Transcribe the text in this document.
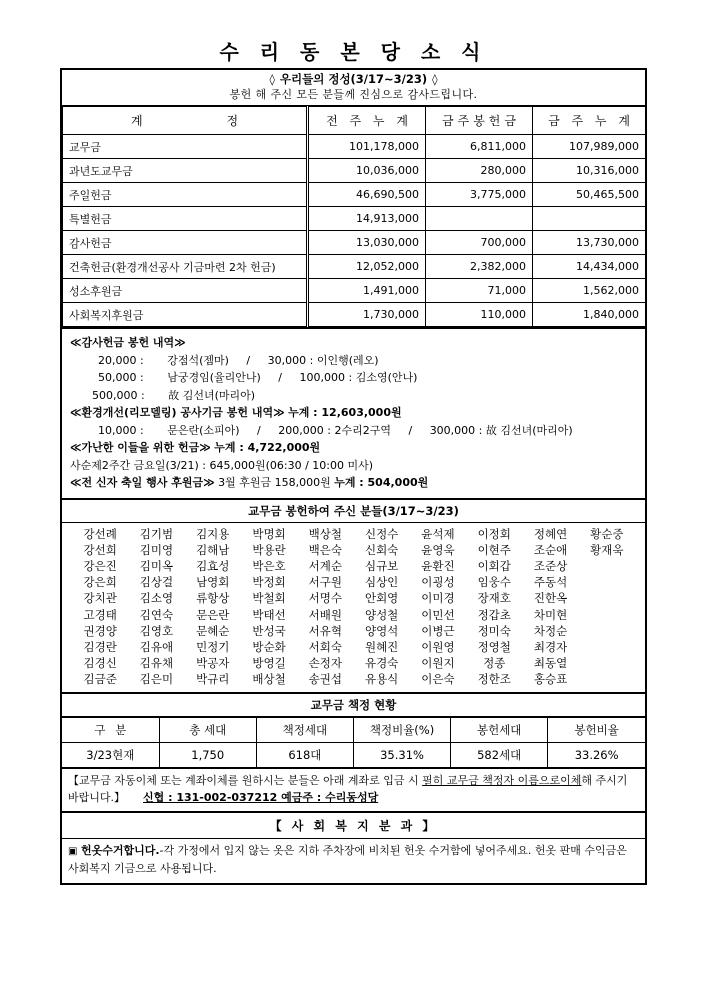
수 리 동 본 당 소 식
◊ 우리들의 정성(3/17~3/23) ◊
봉헌 해 주신 모든 분들께 진심으로 감사드립니다.
계 정	전 주 누 계	금주봉헌금	금 주 누 계
교무금	101,178,000	6,811,000	107,989,000
과년도교무금	10,036,000	280,000	10,316,000
주일헌금	46,690,500	3,775,000	50,465,500
특별헌금	14,913,000		
감사헌금	13,030,000	700,000	13,730,000
건축헌금(환경개선공사 기금마련 2차 헌금)	12,052,000	2,382,000	14,434,000
성소후원금	1,491,000	71,000	1,562,000
사회복지후원금	1,730,000	110,000	1,840,000
≪감사헌금 봉헌 내역≫
20,000 : 강점석(젬마) / 30,000 : 이인행(레오)
50,000 : 남궁경임(율리안나) / 100,000 : 김소영(안나)
500,000 : 故 김선녀(마리아)
≪환경개선(리모델링) 공사기금 봉헌 내역≫ 누계 : 12,603,000원
10,000 : 문은란(소피아) / 200,000 : 2수리2구역 / 300,000 : 故 김선녀(마리아)
≪가난한 이들을 위한 헌금≫ 누계 : 4,722,000원
사순제2주간 금요일(3/21) : 645,000원(06:30 / 10:00 미사)
≪전 신자 축일 행사 후원금≫ 3월 후원금 158,000원 누계 : 504,000원
교무금 봉헌하여 주신 분들(3/17~3/23)
강선례	김기범	김지용	박명회	백상철	신정수	윤석제	이정회	정혜연	황순중
강선희	김미영	김해남	박용란	백은숙	신회숙	윤영욱	이현주	조순애	황재욱
강은진	김미옥	김효성	박은호	서계순	심규보	윤환진	이회갑	조준상
강은희	김상걸	남영회	박정회	서구원	심상인	이굉성	임웅수	주동석
강치관	김소영	류항상	박철회	서명수	안회영	이미경	장재호	진한옥
고경태	김연숙	문은란	박태선	서배원	양성철	이민선	정갑초	차미현
권경양	김영호	문혜순	반성국	서유혁	양영석	이병근	정미숙	차정순
김경란	김유애	민정기	방순화	서회숙	원혜진	이원영	정영철	최경자
김경신	김유채	박공자	방영길	손정자	유경숙	이원지	정종	최동열
김금준	김은미	박규리	배상철	송권섭	유용식	이은숙	정한조	홍승표
교무금 책정 현황
구 분	총 세대	책정세대	책정비율(%)	봉헌세대	봉헌비율
3/23현재	1,750	618대	35.31%	582세대	33.26%
【교무금 자동이체 또는 계좌이체를 원하시는 분들은 아래 계좌로 입금 시 필히 교무금 책정자 이름으로이체해 주시기 바랍니다.】 신협 : 131-002-037212 예금주 : 수리동성당
【 사 회 복 지 분 과 】
▣ 헌옷수거합니다.-각 가정에서 입지 않는 옷은 지하 주차장에 비치된 헌옷 수거함에 넣어주세요. 헌옷 판매 수익금은 사회복지 기금으로 사용됩니다.
